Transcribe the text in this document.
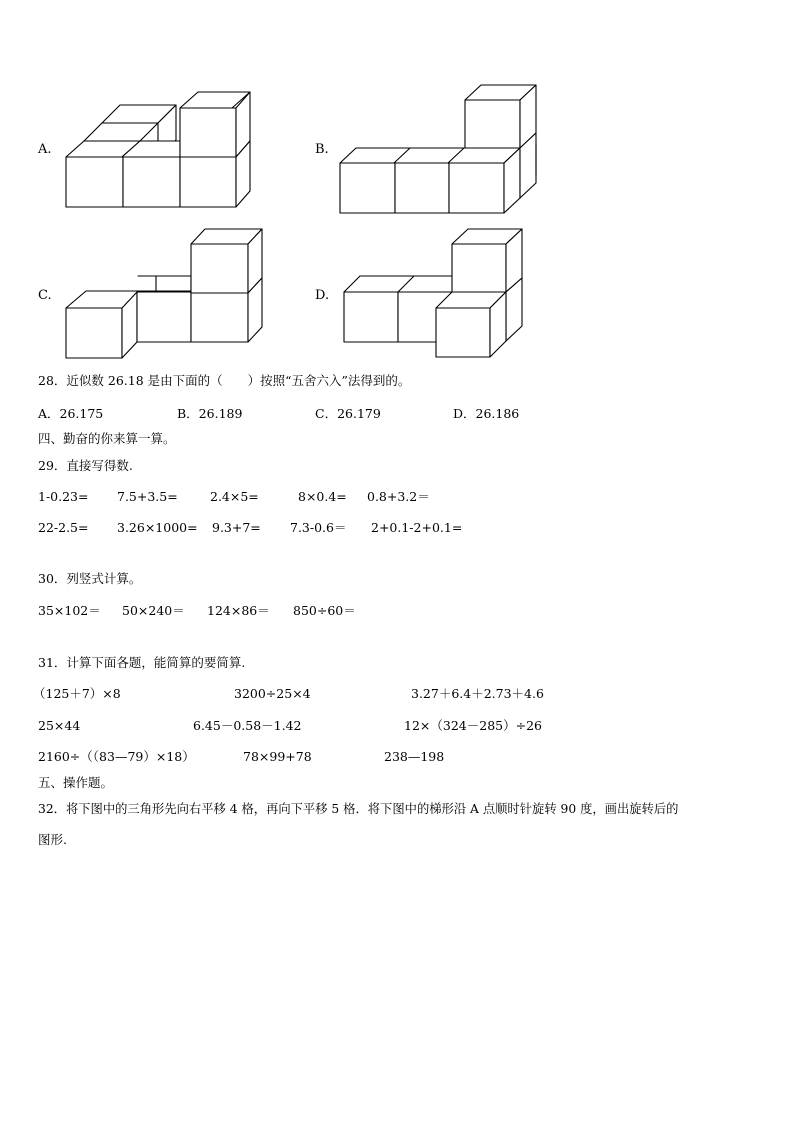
A.	B.
C.	D.
28．近似数 26.18 是由下面的（　　）按照“五舍六入”法得到的。
A．26.175	B．26.189	C．26.179	D．26.186
四、勤奋的你来算一算。
29．直接写得数.
1-0.23= 7.5+3.5=	2.4×5=	8×0.4= 0.8+3.2＝
22-2.5= 3.26×1000= 9.3+7= 7.3-0.6＝ 2+0.1-2+0.1=
30．列竖式计算。
35×102＝ 50×240＝ 124×86＝ 850÷60＝
31．计算下面各题，能简算的要简算.
（125＋7）×8	3200÷25×4	3.27＋6.4＋2.73＋4.6
25×44	6.45－0.58－1.42	12×（324－285）÷26
2160÷（（83—79）×18）	78×99+78	238—198
五、操作题。
32．将下图中的三角形先向右平移 4 格，再向下平移 5 格．将下图中的梯形沿 A 点顺时针旋转 90 度，画出旋转后的
图形.
